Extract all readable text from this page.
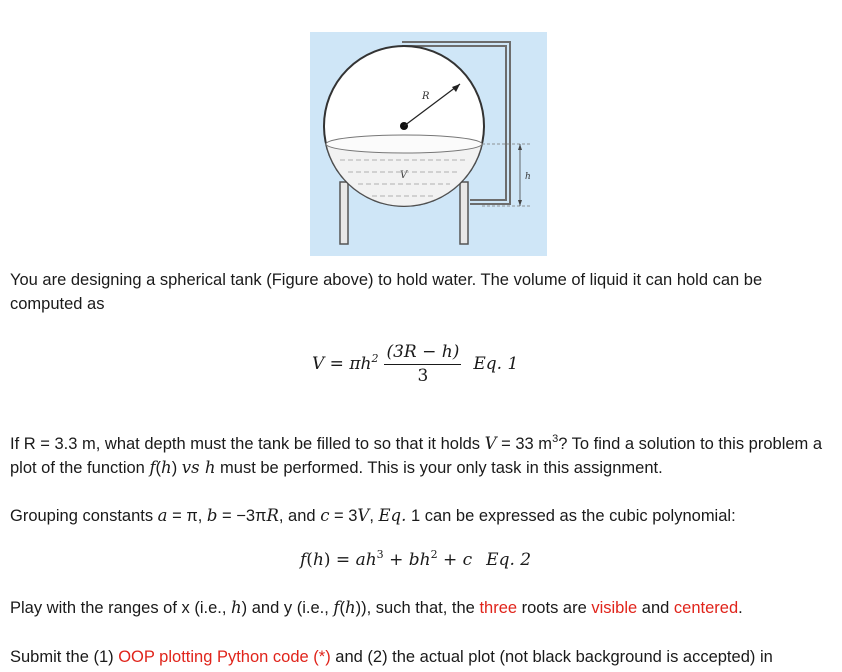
R
V	h
You are designing a spherical tank (Figure above) to hold water. The volume of liquid it can hold can be computed as
$V = \pi h^2 \frac{(3R - h)}{3} Eq$. 1
If R = 3.3 m, what depth must the tank be filled to so that it holds V = 33 $m^3$? To find a solution to this problem a plot of the function f(h) vs h must be performed. This is your only task in this assignment.
Grouping constants a = π, b = −3πR, and c = 3V, Eq. 1 can be expressed as the cubic polynomial:
$f(h) = ah^3 + bh^2 + c$ Eq. 2
Play with the ranges of x (i.e., h) and y (i.e., f(h)), such that, the three roots are visible and centered.
Submit the (1) OOP plotting Python code (*) and (2) the actual plot (not black background is accepted) in
